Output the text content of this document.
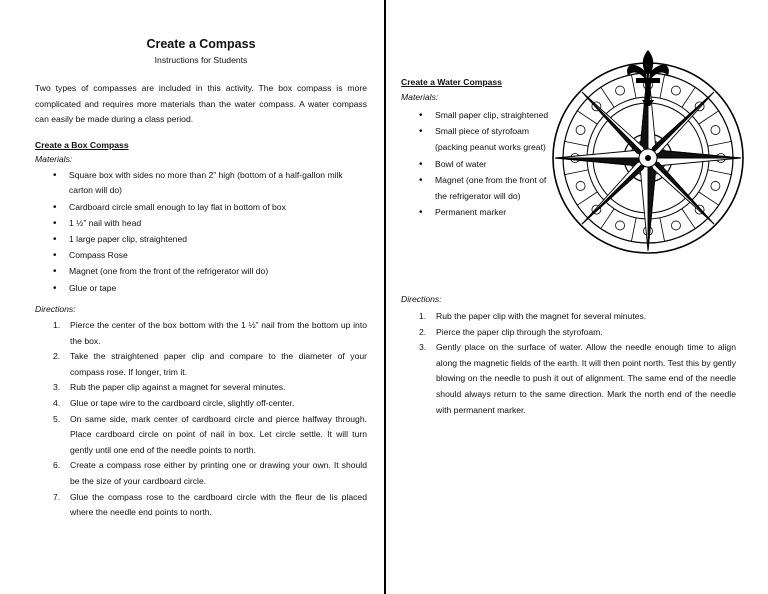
Create a Compass

Instructions for Students

Two types of compasses are included in this activity. The box compass is more complicated and requires more materials than the water compass. A water compass can easily be made during a class period.

Create a Box Compass

Materials:

• Square box with sides no more than 2” high (bottom of a half-gallon milk carton will do)
• Cardboard circle small enough to lay flat in bottom of box
• 1 ½” nail with head
• 1 large paper clip, straightened
• Compass Rose
• Magnet (one from the front of the refrigerator will do)
• Glue or tape

Directions:

1. Pierce the center of the box bottom with the 1 ½” nail from the bottom up into the box.
2. Take the straightened paper clip and compare to the diameter of your compass rose. If longer, trim it.
3. Rub the paper clip against a magnet for several minutes.
4. Glue or tape wire to the cardboard circle, slightly off-center.
5. On same side, mark center of cardboard circle and pierce halfway through. Place cardboard circle on point of nail in box. Let circle settle. It will turn gently until one end of the needle points to north.
6. Create a compass rose either by printing one or drawing your own. It should be the size of your cardboard circle.
7. Glue the compass rose to the cardboard circle with the fleur de lis placed where the needle end points to north.

Create a Water Compass

Materials:

• Small paper clip, straightened
• Small piece of styrofoam (packing peanut works great)
• Bowl of water
• Magnet (one from the front of the refrigerator will do)
• Permanent marker

Directions:

1. Rub the paper clip with the magnet for several minutes.
2. Pierce the paper clip through the styrofoam.
3. Gently place on the surface of water. Allow the needle enough time to align along the magnetic fields of the earth. It will then point north. Test this by gently blowing on the needle to push it out of alignment. The same end of the needle should always return to the same direction. Mark the north end of the needle with permanent marker.
